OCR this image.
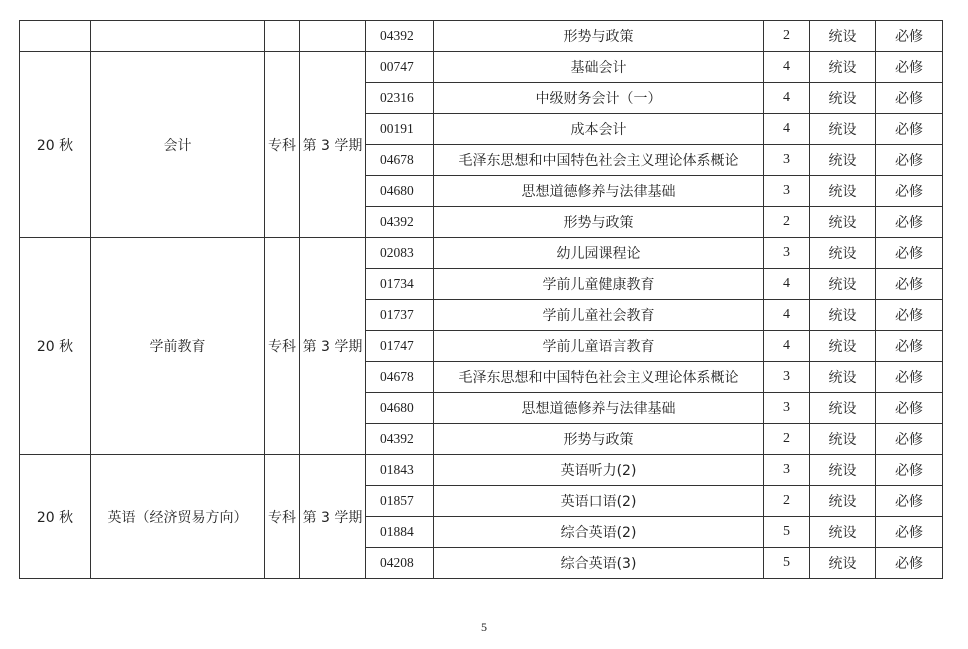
				04392	形势与政策	2	统设	必修
20 秋	会计	专科	第 3 学期	00747	基础会计	4	统设	必修
				02316	中级财务会计（一）	4	统设	必修
				00191	成本会计	4	统设	必修
				04678	毛泽东思想和中国特色社会主义理论体系概论	3	统设	必修
				04680	思想道德修养与法律基础	3	统设	必修
				04392	形势与政策	2	统设	必修
20 秋	学前教育	专科	第 3 学期	02083	幼儿园课程论	3	统设	必修
				01734	学前儿童健康教育	4	统设	必修
				01737	学前儿童社会教育	4	统设	必修
				01747	学前儿童语言教育	4	统设	必修
				04678	毛泽东思想和中国特色社会主义理论体系概论	3	统设	必修
				04680	思想道德修养与法律基础	3	统设	必修
				04392	形势与政策	2	统设	必修
20 秋	英语（经济贸易方向）	专科	第 3 学期	01843	英语听力(2)	3	统设	必修
				01857	英语口语(2)	2	统设	必修
				01884	综合英语(2)	5	统设	必修
				04208	综合英语(3)	5	统设	必修
5
